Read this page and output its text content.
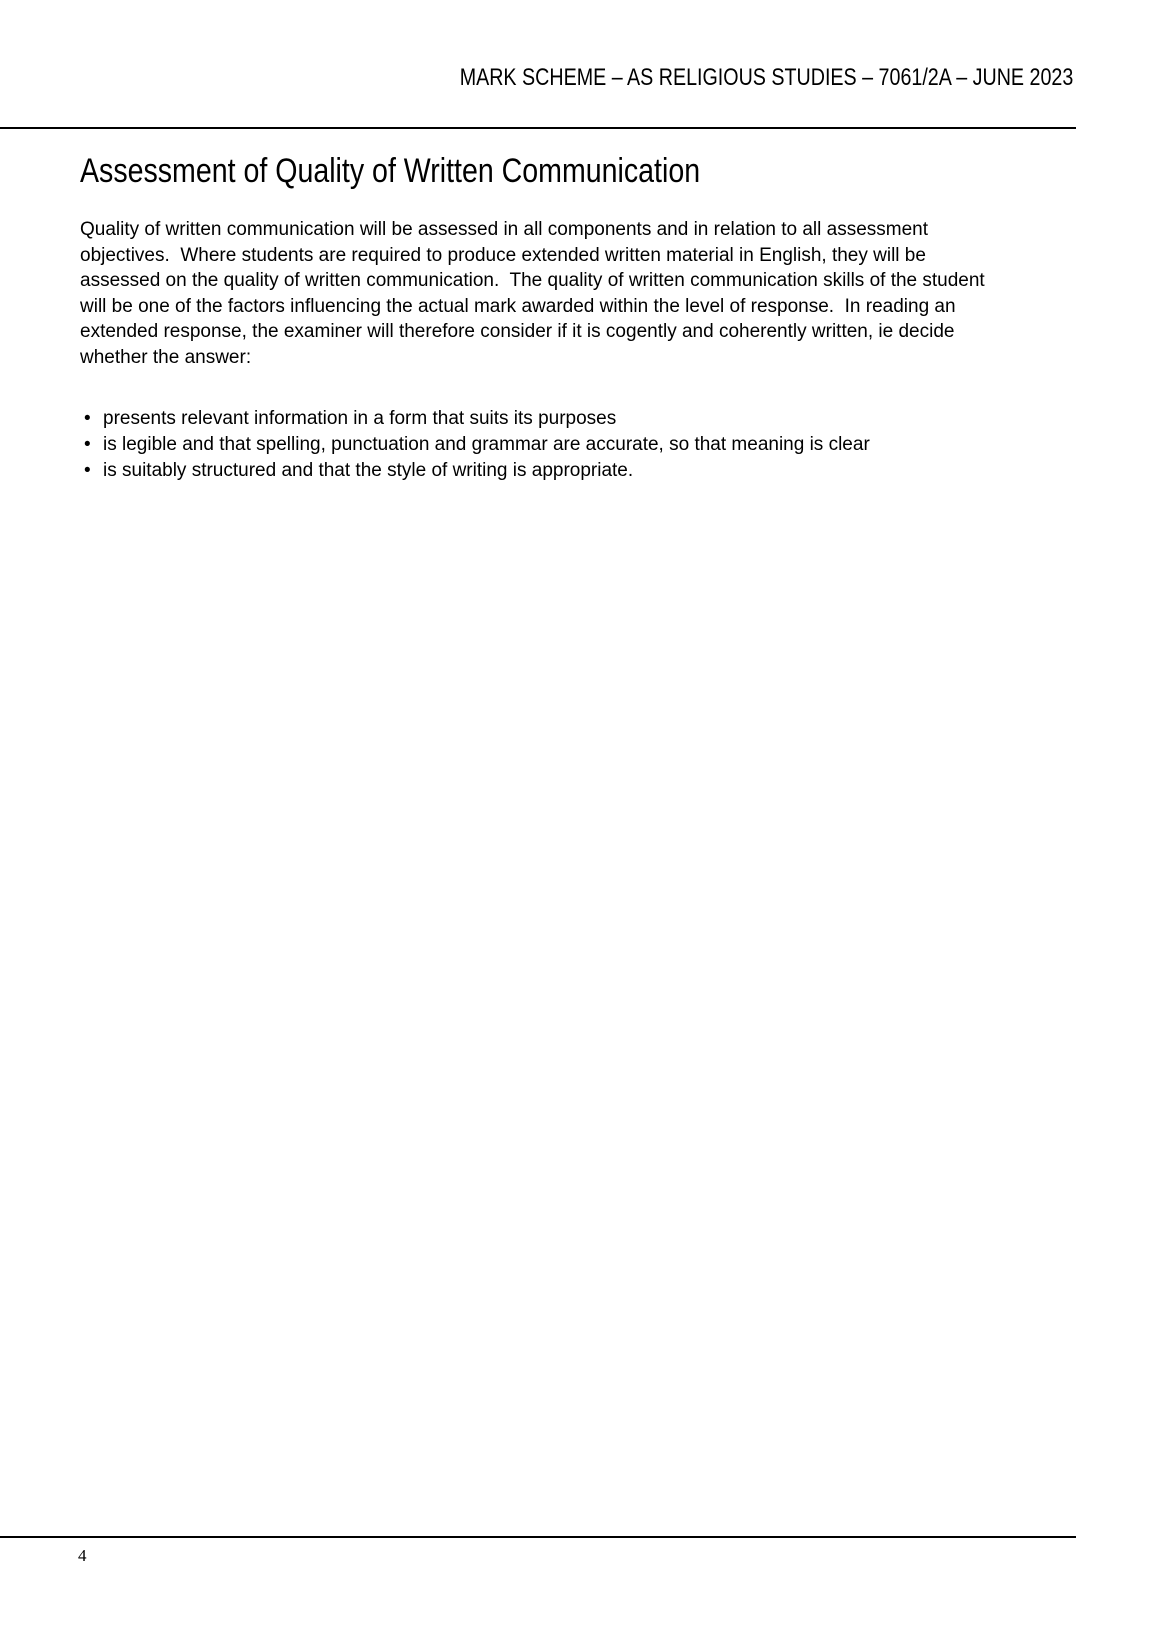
MARK SCHEME – AS RELIGIOUS STUDIES – 7061/2A – JUNE 2023
Assessment of Quality of Written Communication

Quality of written communication will be assessed in all components and in relation to all assessment objectives.  Where students are required to produce extended written material in English, they will be assessed on the quality of written communication.  The quality of written communication skills of the student will be one of the factors influencing the actual mark awarded within the level of response.  In reading an extended response, the examiner will therefore consider if it is cogently and coherently written, ie decide whether the answer:

• presents relevant information in a form that suits its purposes
• is legible and that spelling, punctuation and grammar are accurate, so that meaning is clear
• is suitably structured and that the style of writing is appropriate.
4
